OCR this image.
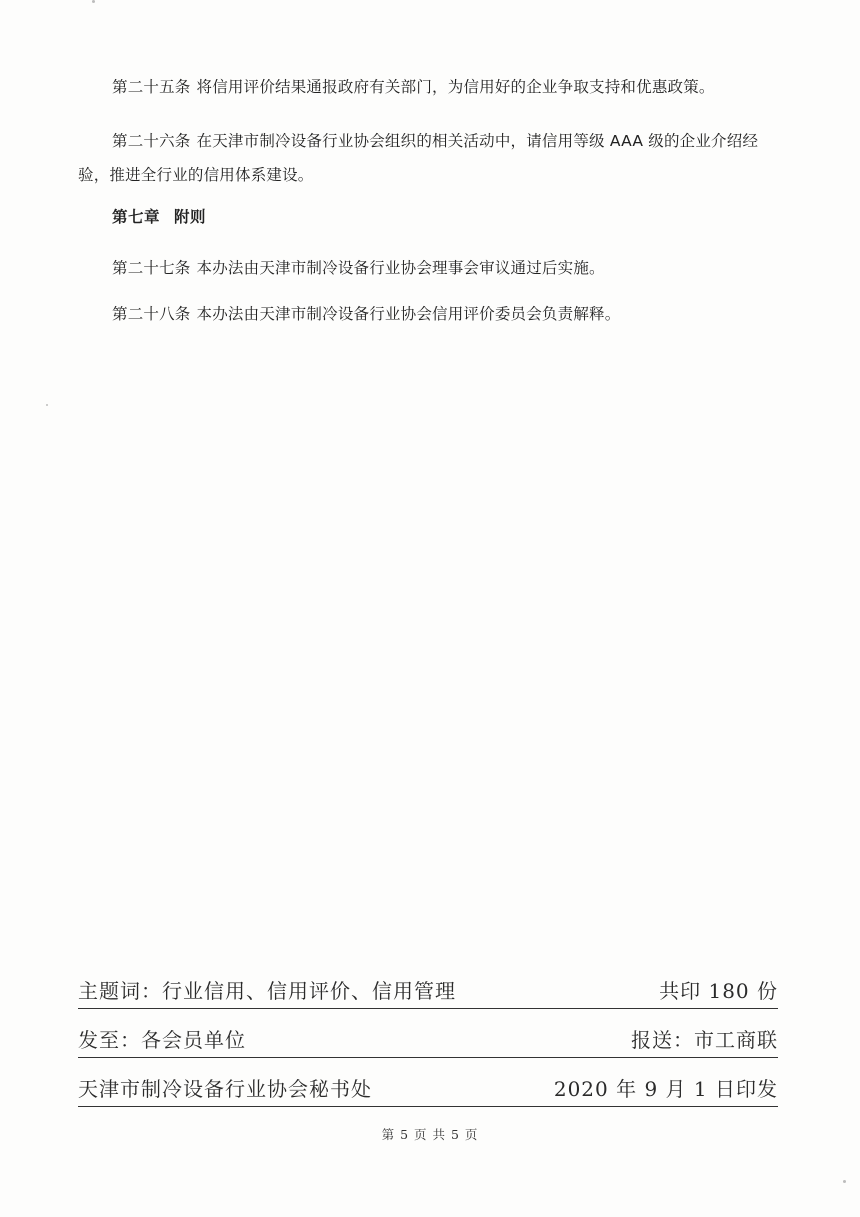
第二十五条 将信用评价结果通报政府有关部门，为信用好的企业争取支持和优惠政策。
第二十六条 在天津市制冷设备行业协会组织的相关活动中，请信用等级 AAA 级的企业介绍经验，推进全行业的信用体系建设。
第七章 附则
第二十七条 本办法由天津市制冷设备行业协会理事会审议通过后实施。
第二十八条 本办法由天津市制冷设备行业协会信用评价委员会负责解释。
主题词：行业信用、信用评价、信用管理	共印 180 份
发至：各会员单位	报送：市工商联
天津市制冷设备行业协会秘书处	2020 年 9 月 1 日印发
第 5 页 共 5 页
